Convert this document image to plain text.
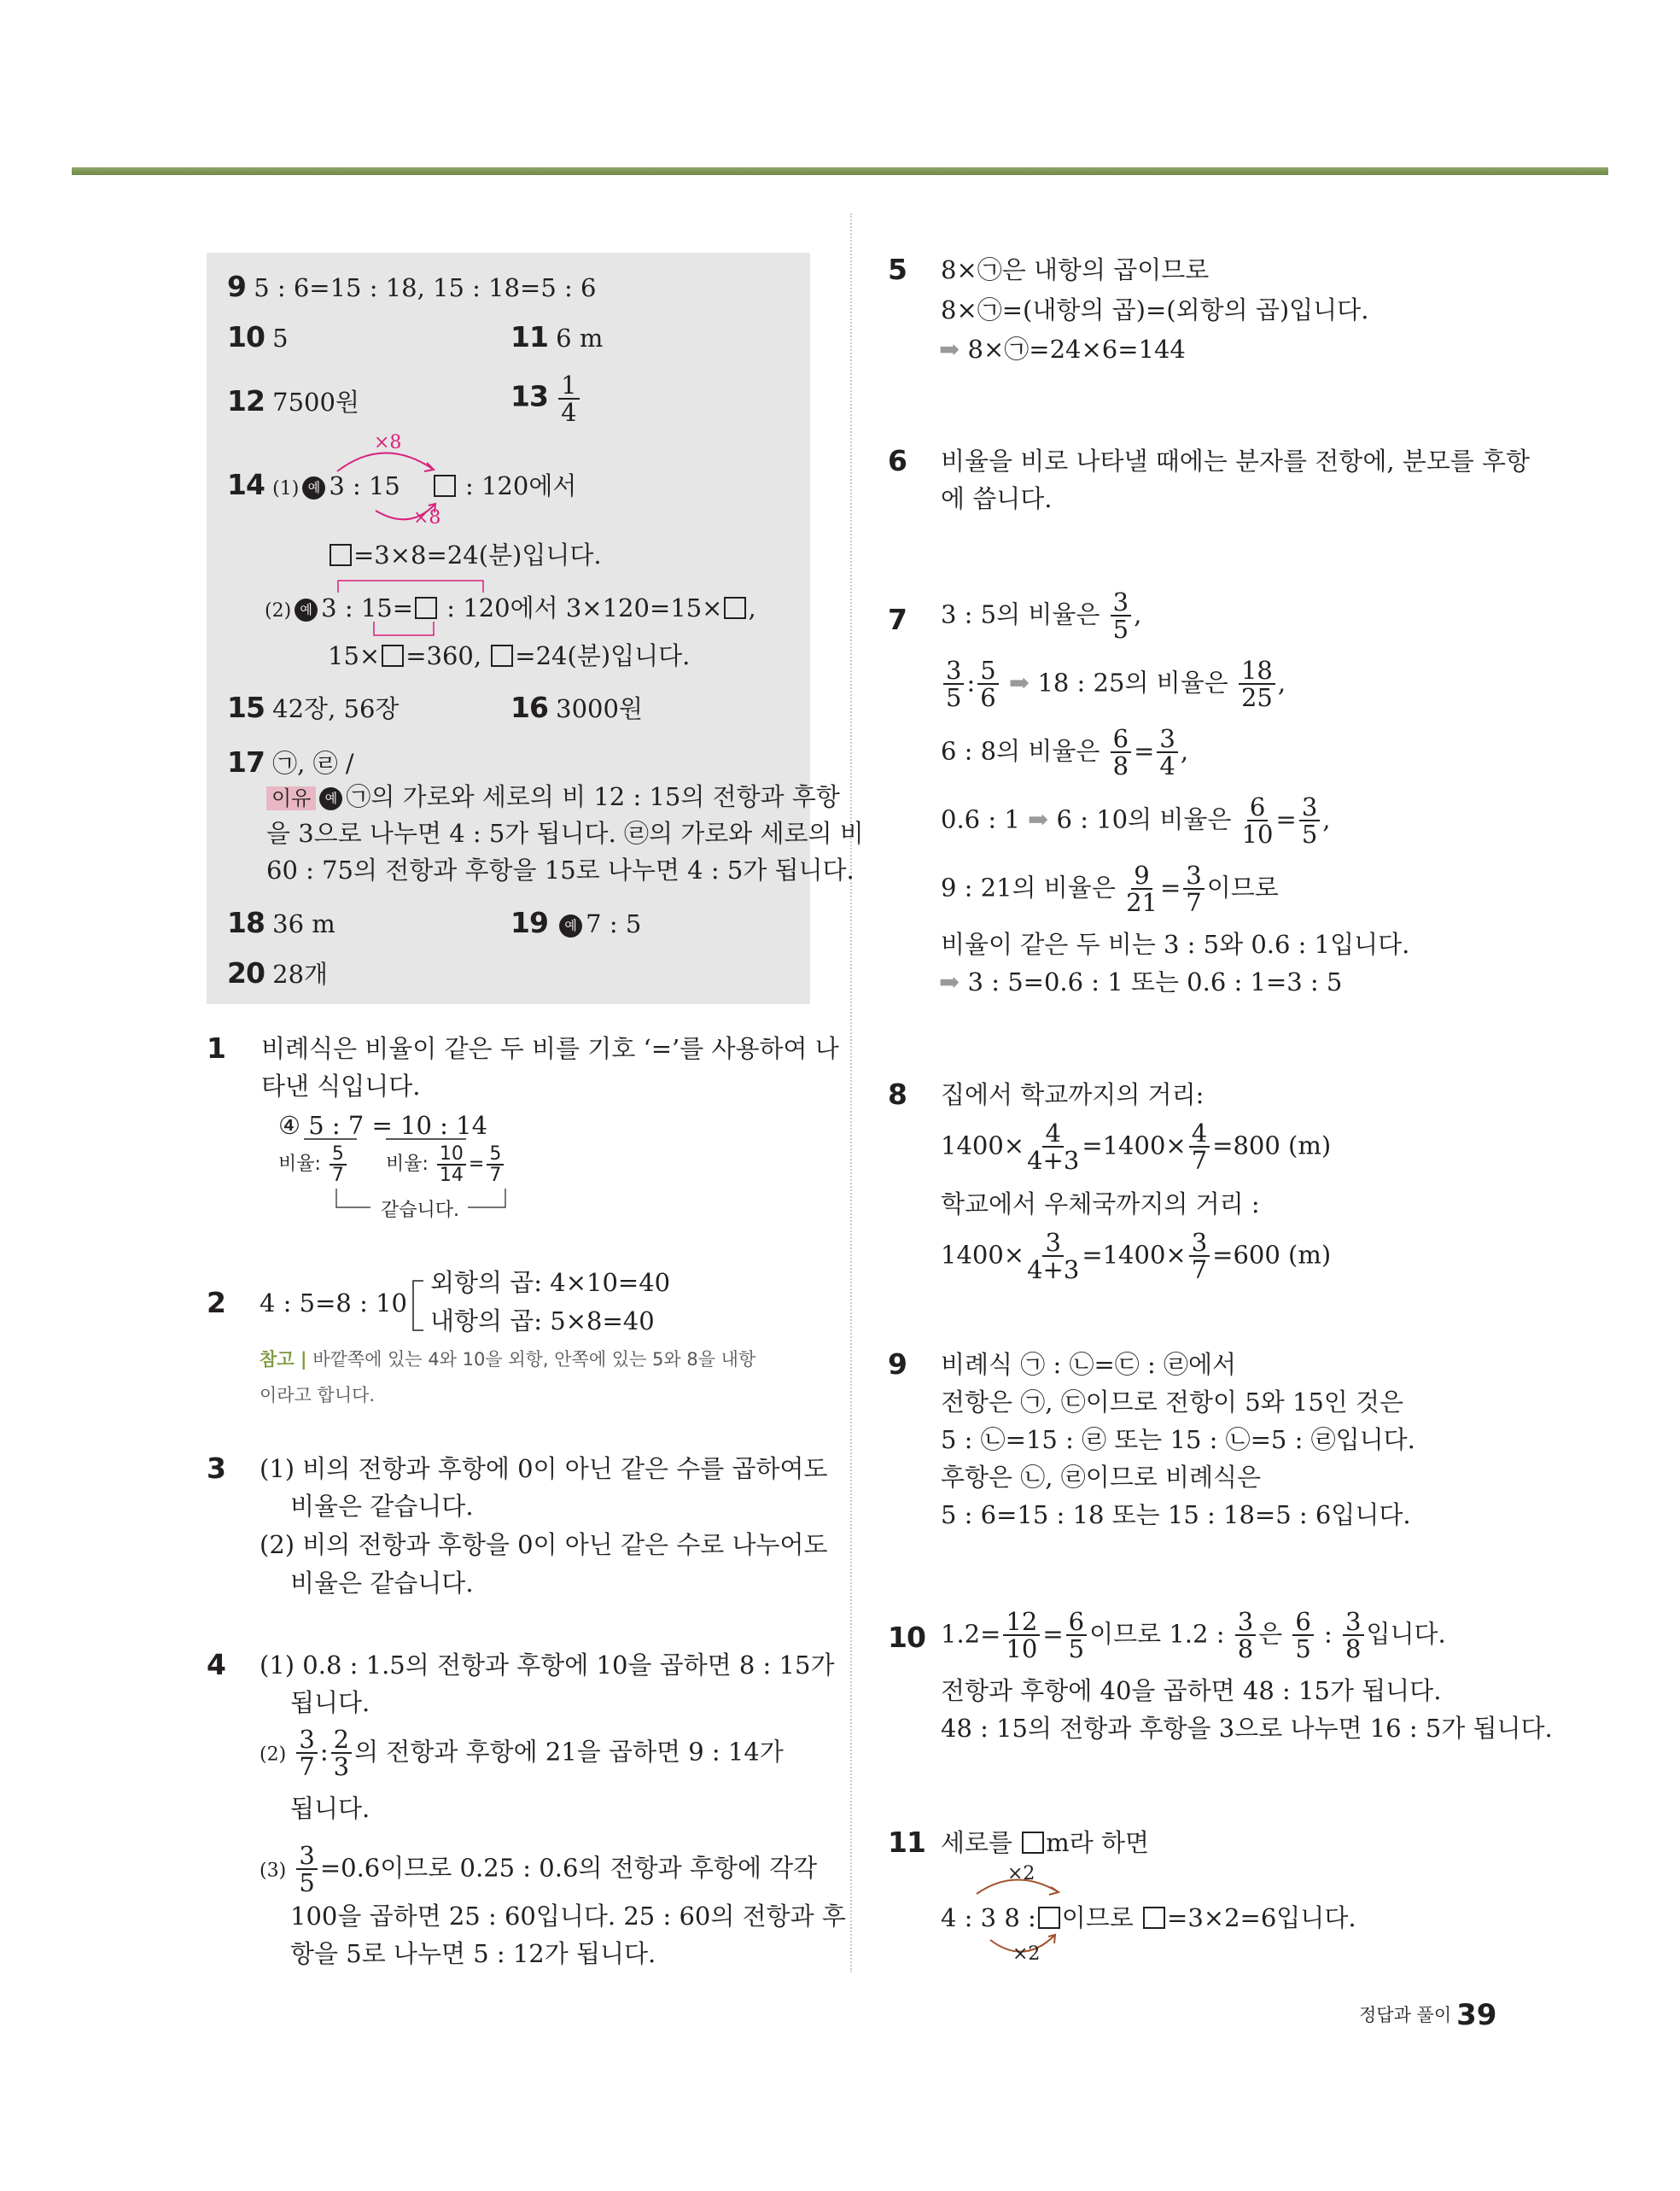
9 5 : 6=15 : 18, 15 : 18=5 : 6
10 5	11 6 m
12 7500원	$13 \frac{1}{4}$
×8
×8
14 (1) 예 3 : 15     : 120에서
=3×8=24(분)입니다.
(2) 예 3 : 15= : 120에서 3×120=15× ,
15× =360, =24(분)입니다.
15 42장, 56장	16 3000원
17 ㉠, ㉣ /
이유 예 ㉠의 가로와 세로의 비 12 : 15의 전항과 후항
을 3으로 나누면 4 : 5가 됩니다. ㉣의 가로와 세로의 비
60 : 75의 전항과 후항을 15로 나누면 4 : 5가 됩니다.
18 36 m	19 예 7 : 5
20 28개
1 비례식은 비율이 같은 두 비를 기호 ‘=’를 사용하여 나
타낸 식입니다.
④ 5 : 7 = 10 : 14
비율: $\frac{5}{7}$ 비율: $\frac{10}{14} = \frac{5}{7}$
같습니다.
2 4 : 5=8 : 10
외항의 곱: 4×10=40
내항의 곱: 5×8=40
참고 | 바깥쪽에 있는 4와 10을 외항, 안쪽에 있는 5와 8을 내항
이라고 합니다.
3 (1) 비의 전항과 후항에 0이 아닌 같은 수를 곱하여도
비율은 같습니다.
(2) 비의 전항과 후항을 0이 아닌 같은 수로 나누어도
비율은 같습니다.
4 (1) 0.8 : 1.5의 전항과 후항에 10을 곱하면 8 : 15가
됩니다.
$(2) \frac{3}{7}$ : $\frac{2}{3}$ 의 전항과 후항에 21을 곱하면 9 : 14가
됩니다.
$(3) \frac{3}{5} =0.6$이므로 0.25 : 0.6의 전항과 후항에 각각
100을 곱하면 25 : 60입니다. 25 : 60의 전항과 후
항을 5로 나누면 5 : 12가 됩니다.
5 8×㉠은 내항의 곱이므로
8×㉠=(내항의 곱)=(외항의 곱)입니다.
➡ 8×㉠=24×6=144
6 비율을 비로 나타낼 때에는 분자를 전항에, 분모를 후항
에 씁니다.
7 3 : 5의 비율은 $\frac{3}{5}$ ,
$\frac{3}{5}$ : $\frac{5}{6}$ ➡ 18 : 25의 비율은 $\frac{18}{25}$ ,
6 : 8의 비율은 $\frac{6}{8} = \frac{3}{4}$ ,
0.6 : 1 ➡ 6 : 10의 비율은 $\frac{6}{10} = \frac{3}{5}$ ,
9 : 21의 비율은 $\frac{9}{21} = \frac{3}{7}$ 이므로
비율이 같은 두 비는 3 : 5와 0.6 : 1입니다.
➡ 3 : 5=0.6 : 1 또는 0.6 : 1=3 : 5
8 집에서 학교까지의 거리:
$1400\times \frac{4}{4+3} =1400\times \frac{4}{7} =800$ (m)
학교에서 우체국까지의 거리 :
$1400\times \frac{3}{4+3} =1400\times \frac{3}{7} =600$ (m)
9 비례식 ㉠ : ㉡=㉢ : ㉣에서
전항은 ㉠, ㉢이므로 전항이 5와 15인 것은
5 : ㉡=15 : ㉣ 또는 15 : ㉡=5 : ㉣입니다.
후항은 ㉡, ㉣이므로 비례식은
5 : 6=15 : 18 또는 15 : 18=5 : 6입니다.
10 $1.2= \frac{12}{10} = \frac{6}{5}$ 이므로 1.2 : $\frac{3}{8}$ 은 $\frac{6}{5}$ : $\frac{3}{8}$ 입니다.
전항과 후항에 40을 곱하면 48 : 15가 됩니다.
48 : 15의 전항과 후항을 3으로 나누면 16 : 5가 됩니다.
11 세로를 m라 하면
×2
×2
4 : 3 8 : 이므로 =3×2=6입니다.
정답과 풀이 39
